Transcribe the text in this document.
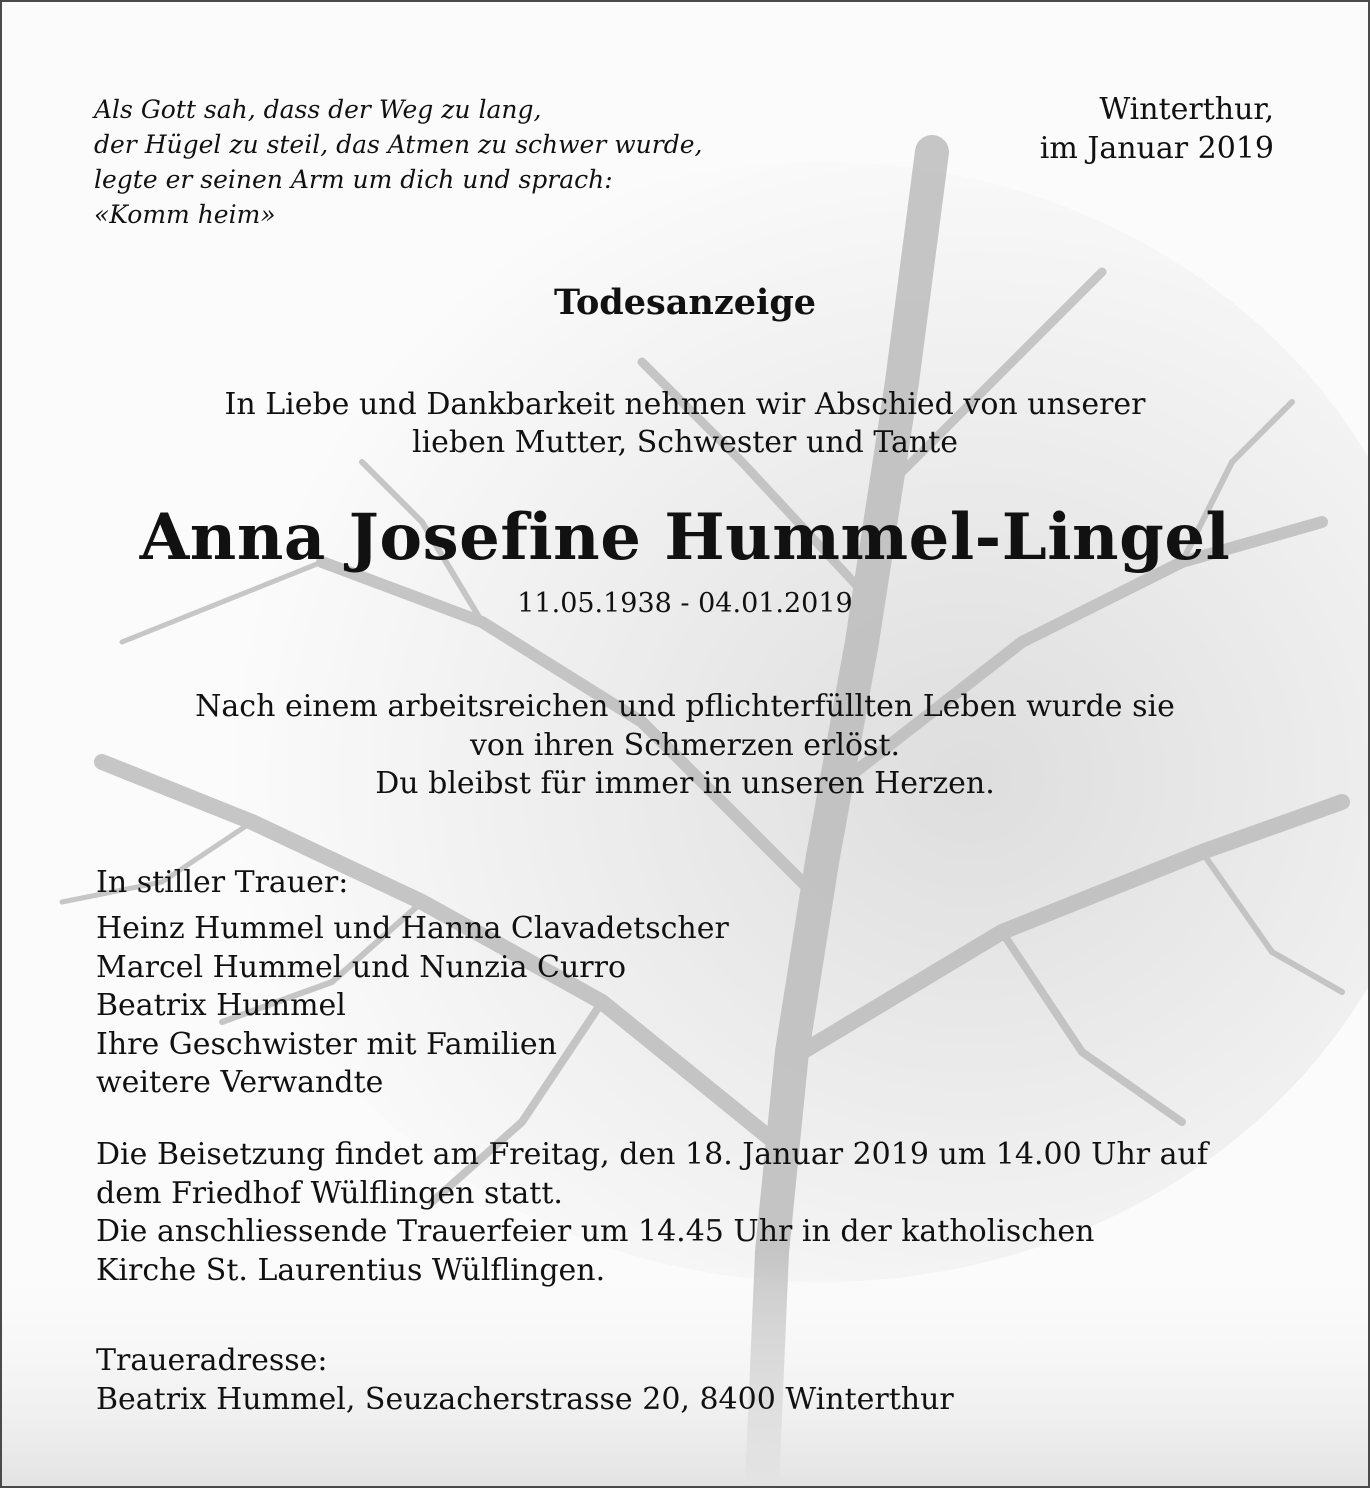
Als Gott sah, dass der Weg zu lang,
der Hügel zu steil, das Atmen zu schwer wurde,
legte er seinen Arm um dich und sprach:
«Komm heim»
Winterthur,
im Januar 2019
Todesanzeige
In Liebe und Dankbarkeit nehmen wir Abschied von unserer
lieben Mutter, Schwester und Tante
Anna Josefine Hummel-Lingel
11.05.1938 - 04.01.2019
Nach einem arbeitsreichen und pflichterfüllten Leben wurde sie
von ihren Schmerzen erlöst.
Du bleibst für immer in unseren Herzen.
In stiller Trauer:
Heinz Hummel und Hanna Clavadetscher
Marcel Hummel und Nunzia Curro
Beatrix Hummel
Ihre Geschwister mit Familien
weitere Verwandte
Die Beisetzung findet am Freitag, den 18. Januar 2019 um 14.00 Uhr auf
dem Friedhof Wülflingen statt.
Die anschliessende Trauerfeier um 14.45 Uhr in der katholischen
Kirche St. Laurentius Wülflingen.
Traueradresse:
Beatrix Hummel, Seuzacherstrasse 20, 8400 Winterthur
